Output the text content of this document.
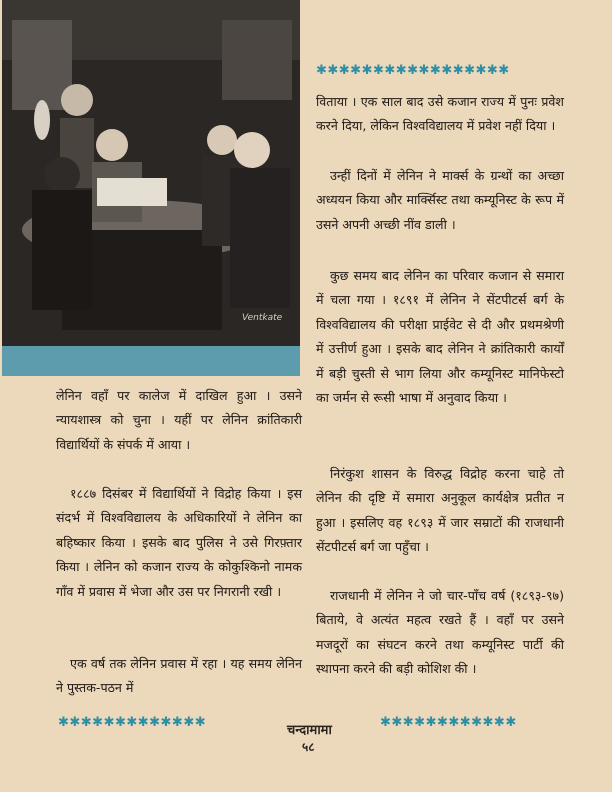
Ventkate
✱✱✱✱✱✱✱✱✱✱✱✱✱✱✱✱✱

लेनिन वहाँ पर कालेज में दाखिल हुआ । उसने न्यायशास्त्र को चुना । यहीं पर लेनिन क्रांतिकारी विद्यार्थियों के संपर्क में आया ।

१८८७ दिसंबर में विद्यार्थियों ने विद्रोह किया । इस संदर्भ में विश्वविद्यालय के अधिकारियों ने लेनिन का बहिष्कार किया । इसके बाद पुलिस ने उसे गिरफ़्तार किया । लेनिन को कजान राज्य के कोकुश्किनो नामक गाँव में प्रवास में भेजा और उस पर निगरानी रखी ।

एक वर्ष तक लेनिन प्रवास में रहा । यह समय लेनिन ने पुस्तक-पठन में

विताया । एक साल बाद उसे कजान राज्य में पुनः प्रवेश करने दिया, लेकिन विश्वविद्यालय में प्रवेश नहीं दिया ।

उन्हीं दिनों में लेनिन ने मार्क्स के ग्रन्थों का अच्छा अध्ययन किया और मार्क्सिस्ट तथा कम्यूनिस्ट के रूप में उसने अपनी अच्छी नींव डाली ।

कुछ समय बाद लेनिन का परिवार कजान से समारा में चला गया । १८९१ में लेनिन ने सेंटपीटर्स बर्ग के विश्वविद्यालय की परीक्षा प्राईवेट से दी और प्रथमश्रेणी में उत्तीर्ण हुआ । इसके बाद लेनिन ने क्रांतिकारी कार्यों में बड़ी चुस्ती से भाग लिया और कम्यूनिस्ट मानिफेस्टो का जर्मन से रूसी भाषा में अनुवाद किया ।

निरंकुश शासन के विरुद्ध विद्रोह करना चाहे तो लेनिन की दृष्टि में समारा अनुकूल कार्यक्षेत्र प्रतीत न हुआ । इसलिए वह १८९३ में जार सम्राटों की राजधानी सेंटपीटर्स बर्ग जा पहुँचा ।

राजधानी में लेनिन ने जो चार-पाँच वर्ष (१८९३-९७) बिताये, वे अत्यंत महत्व रखते हैं । वहाँ पर उसने मजदूरों का संघटन करने तथा कम्यूनिस्ट पार्टी की स्थापना करने की बड़ी कोशिश की ।

✱✱✱✱✱✱✱✱✱✱✱✱✱	✱✱✱✱✱✱✱✱✱✱✱✱
चन्दामामा
५८
